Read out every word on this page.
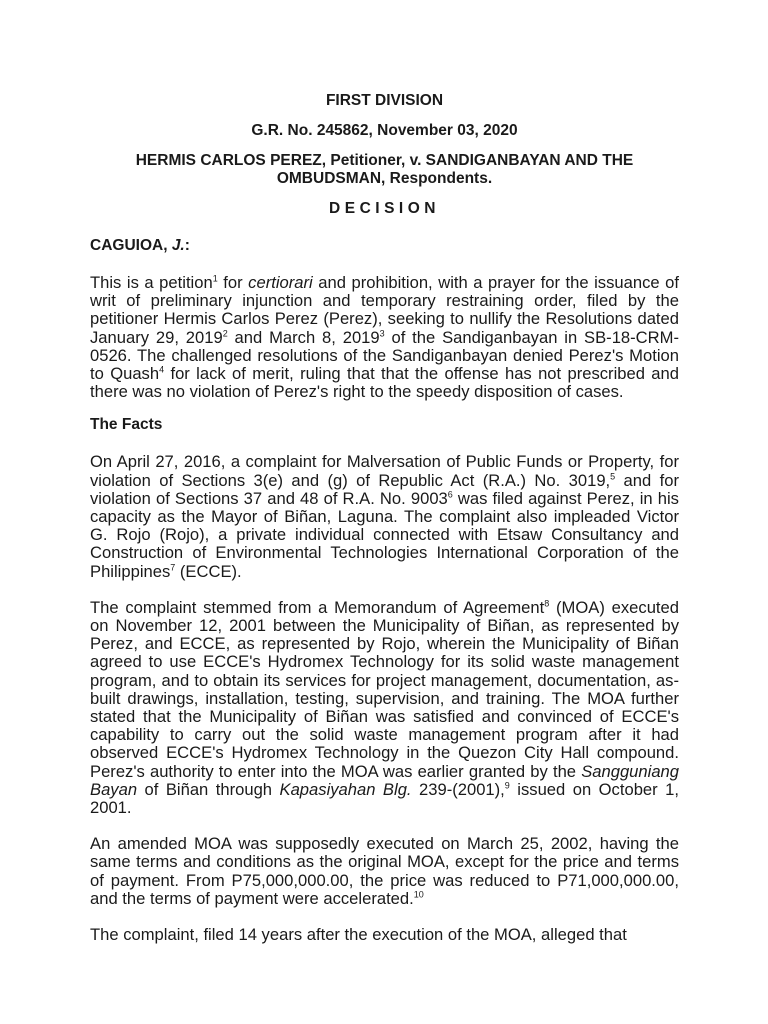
FIRST DIVISION
G.R. No. 245862, November 03, 2020
HERMIS CARLOS PEREZ, Petitioner, v. SANDIGANBAYAN AND THE OMBUDSMAN, Respondents.
DECISION
CAGUIOA, J.:

This is a petition$^1$ for certiorari and prohibition, with a prayer for the issuance of writ of preliminary injunction and temporary restraining order, filed by the petitioner Hermis Carlos Perez (Perez), seeking to nullify the Resolutions dated January 29, 2019$^2$ and March 8, 2019$^3$ of the Sandiganbayan in SB-18-CRM-0526. The challenged resolutions of the Sandiganbayan denied Perez's Motion to Quash$^4$ for lack of merit, ruling that that the offense has not prescribed and there was no violation of Perez's right to the speedy disposition of cases.

The Facts

On April 27, 2016, a complaint for Malversation of Public Funds or Property, for violation of Sections 3(e) and (g) of Republic Act (R.A.) No. 3019,$^5$ and for violation of Sections 37 and 48 of R.A. No. 9003$^6$ was filed against Perez, in his capacity as the Mayor of Biñan, Laguna. The complaint also impleaded Victor G. Rojo (Rojo), a private individual connected with Etsaw Consultancy and Construction of Environmental Technologies International Corporation of the Philippines$^7$ (ECCE).

The complaint stemmed from a Memorandum of Agreement$^8$ (MOA) executed on November 12, 2001 between the Municipality of Biñan, as represented by Perez, and ECCE, as represented by Rojo, wherein the Municipality of Biñan agreed to use ECCE's Hydromex Technology for its solid waste management program, and to obtain its services for project management, documentation, as-built drawings, installation, testing, supervision, and training. The MOA further stated that the Municipality of Biñan was satisfied and convinced of ECCE's capability to carry out the solid waste management program after it had observed ECCE's Hydromex Technology in the Quezon City Hall compound. Perez's authority to enter into the MOA was earlier granted by the Sangguniang Bayan of Biñan through Kapasiyahan Blg. 239-(2001),$^9$ issued on October 1, 2001.

An amended MOA was supposedly executed on March 25, 2002, having the same terms and conditions as the original MOA, except for the price and terms of payment. From P75,000,000.00, the price was reduced to P71,000,000.00, and the terms of payment were accelerated.$^{10}$

The complaint, filed 14 years after the execution of the MOA, alleged that
